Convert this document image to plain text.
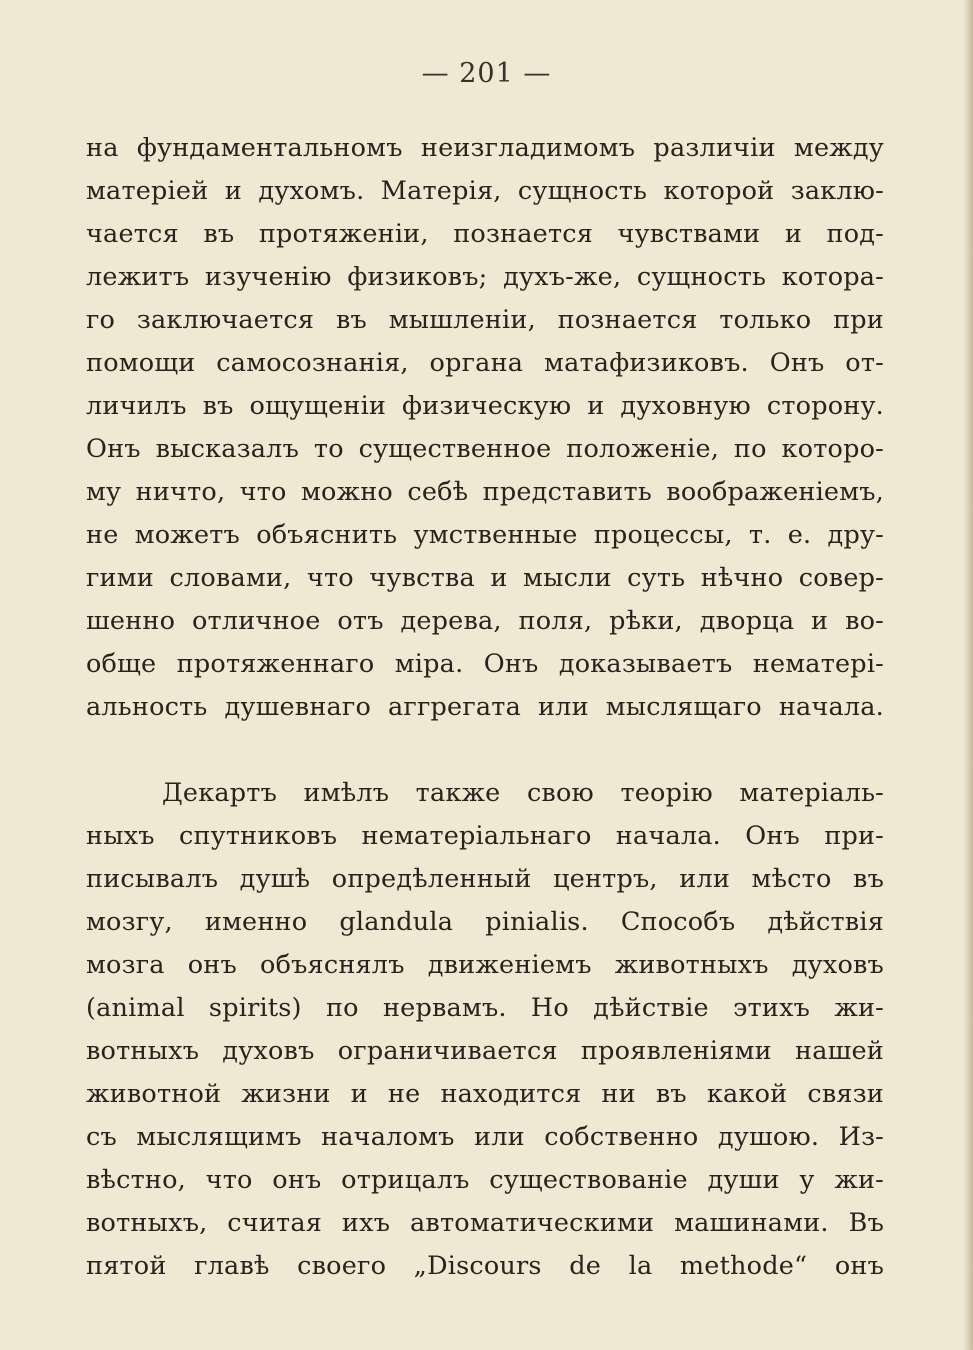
— 201 —
на фундаментальномъ неизгладимомъ различіи между
матеріей и духомъ. Матерія, сущность которой заклю-
чается въ протяженіи, познается чувствами и под-
лежитъ изученію физиковъ; духъ-же, сущность котора-
го заключается въ мышленіи, познается только при
помощи самосознанія, органа матафизиковъ. Онъ от-
личилъ въ ощущеніи физическую и духовную сторону.
Онъ высказалъ то существенное положеніе, по которо-
му ничто, что можно себѣ представить воображеніемъ,
не можетъ объяснить умственные процессы, т. е. дру-
гими словами, что чувства и мысли суть нѣчно совер-
шенно отличное отъ дерева, поля, рѣки, дворца и во-
обще протяженнаго міра. Онъ доказываетъ нематері-
альность душевнаго аггрегата или мыслящаго начала.
Декартъ имѣлъ также свою теорію матеріаль-
ныхъ спутниковъ нематеріальнаго начала. Онъ при-
писывалъ душѣ опредѣленный центръ, или мѣсто въ
мозгу, именно glandula pinialis. Способъ дѣйствія
мозга онъ объяснялъ движеніемъ животныхъ духовъ
(animal spirits) по нервамъ. Но дѣйствіе этихъ жи-
вотныхъ духовъ ограничивается проявленіями нашей
животной жизни и не находится ни въ какой связи
съ мыслящимъ началомъ или собственно душою. Из-
вѣстно, что онъ отрицалъ существованіе души у жи-
вотныхъ, считая ихъ автоматическими машинами. Въ
пятой главѣ своего „Discours de la methode“ онъ
